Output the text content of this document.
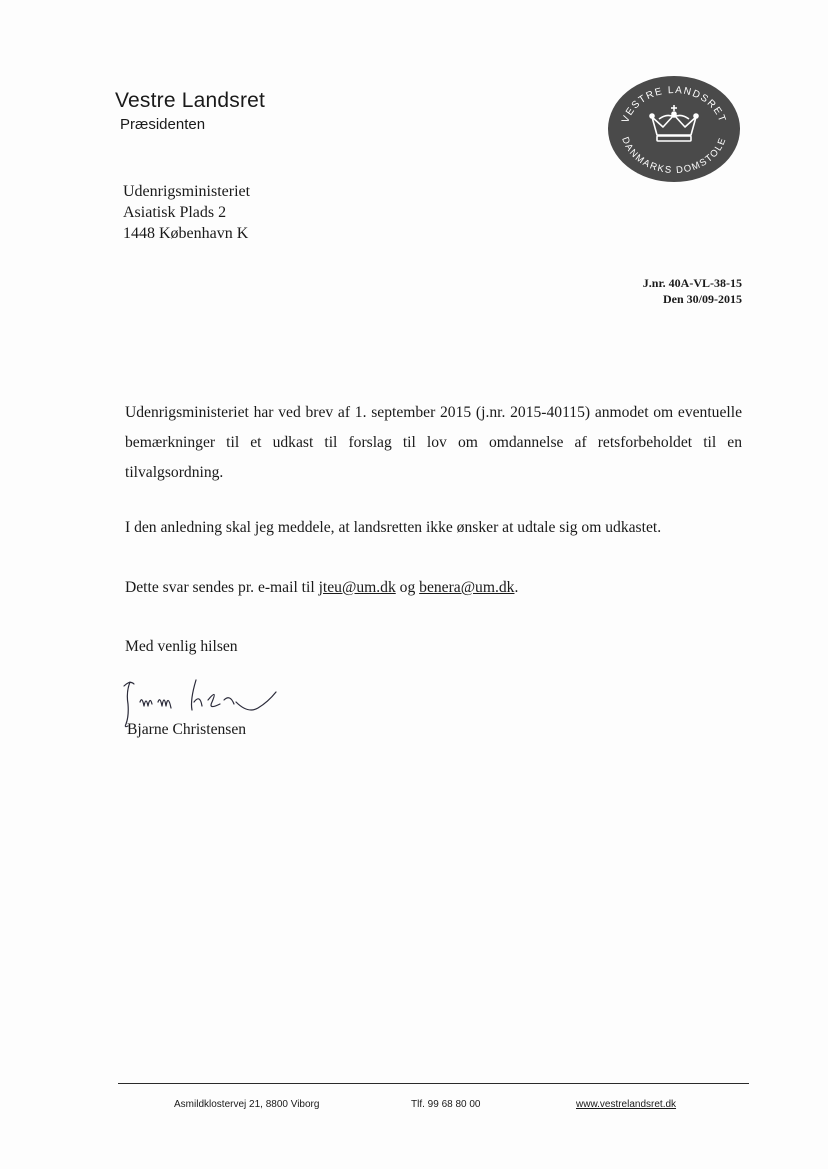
Vestre Landsret
Præsidenten	VESTRE LANDSRET
DANMARKS DOMSTOLE
Udenrigsministeriet
Asiatisk Plads 2
1448 København K
J.nr. 40A-VL-38-15
Den 30/09-2015

Udenrigsministeriet har ved brev af 1. september 2015 (j.nr. 2015-40115) anmodet om eventuelle bemærkninger til et udkast til forslag til lov om omdannelse af retsforbeholdet til en tilvalgsordning.

I den anledning skal jeg meddele, at landsretten ikke ønsker at udtale sig om udkastet.

Dette svar sendes pr. e-mail til jteu@um.dk og benera@um.dk.

Med venlig hilsen

Bjarne Christensen
Asmildklostervej 21, 8800 Viborg	Tlf. 99 68 80 00	www.vestrelandsret.dk
